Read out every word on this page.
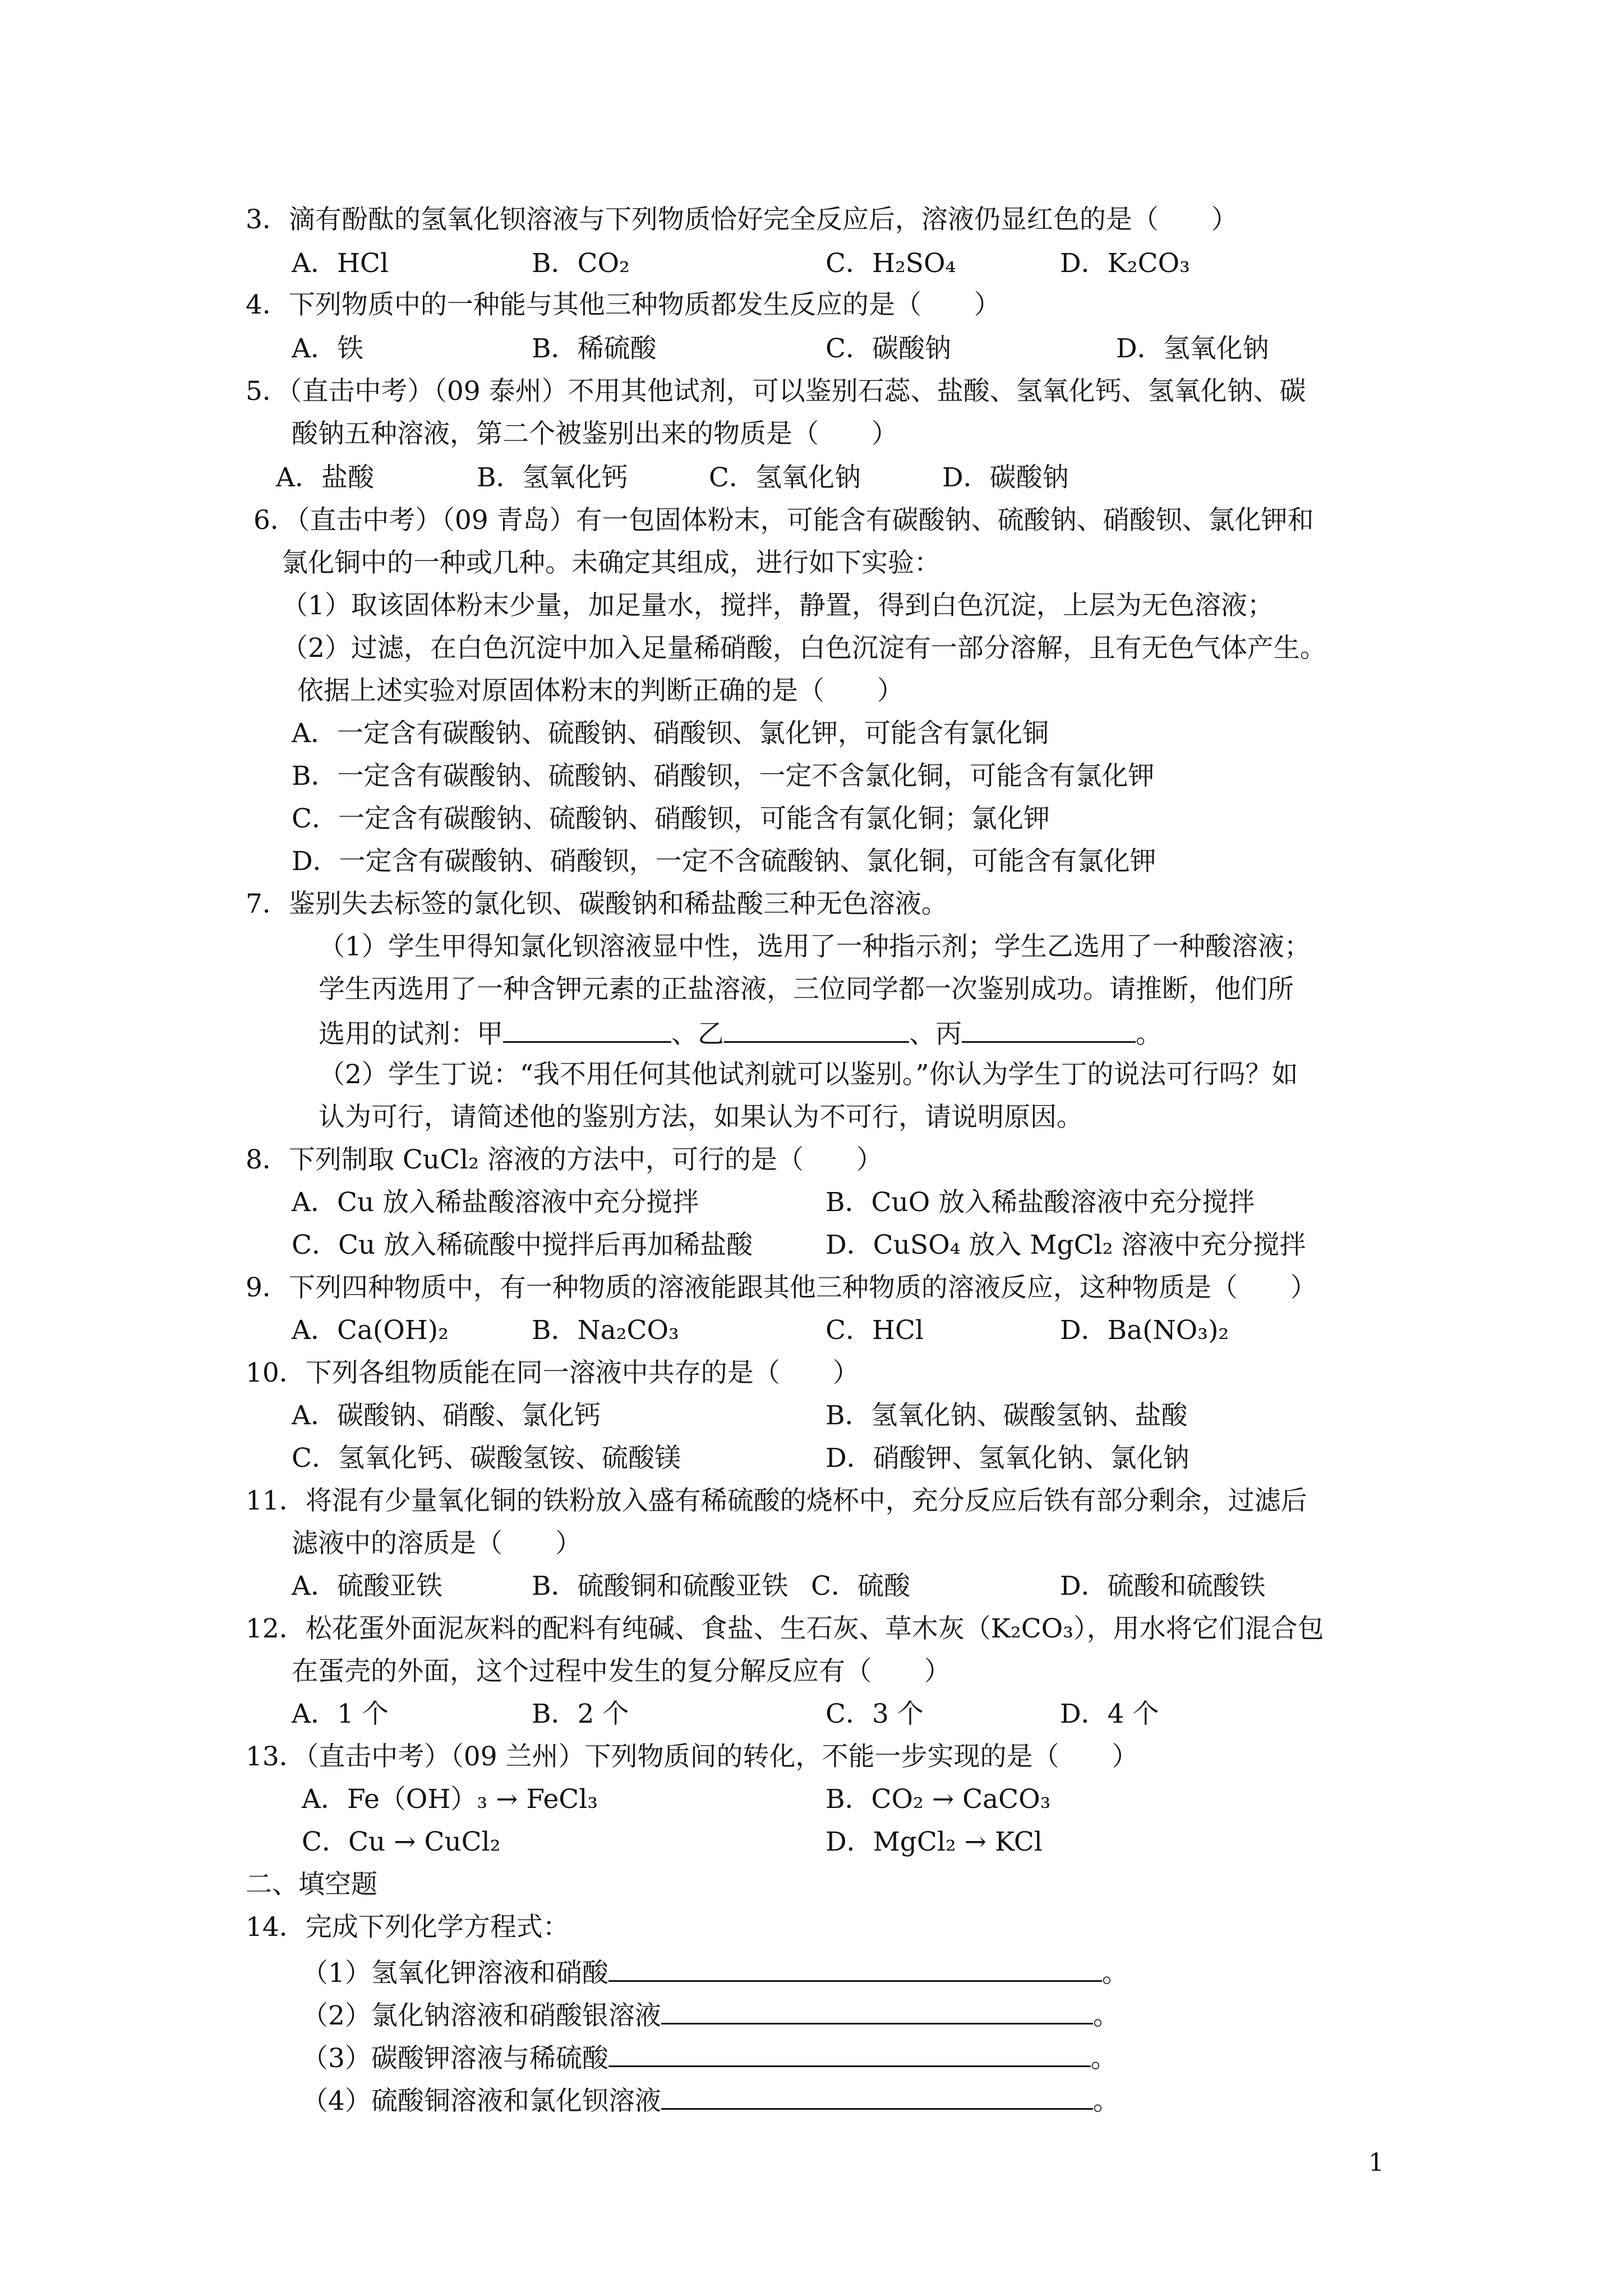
3．滴有酚酞的氢氧化钡溶液与下列物质恰好完全反应后，溶液仍显红色的是（　　）
A．HCl	B．CO₂	C．H₂SO₄	D．K₂CO₃
4．下列物质中的一种能与其他三种物质都发生反应的是（　　）
A．铁	B．稀硫酸	C．碳酸钠	D．氢氧化钠
5．（直击中考）（09 泰州）不用其他试剂，可以鉴别石蕊、盐酸、氢氧化钙、氢氧化钠、碳
酸钠五种溶液，第二个被鉴别出来的物质是（　　）
A．盐酸	B．氢氧化钙	C．氢氧化钠	D．碳酸钠
6．（直击中考）（09 青岛）有一包固体粉末，可能含有碳酸钠、硫酸钠、硝酸钡、氯化钾和
氯化铜中的一种或几种。未确定其组成，进行如下实验：
（1）取该固体粉末少量，加足量水，搅拌，静置，得到白色沉淀，上层为无色溶液；
（2）过滤，在白色沉淀中加入足量稀硝酸，白色沉淀有一部分溶解，且有无色气体产生。
依据上述实验对原固体粉末的判断正确的是（　　）
A．一定含有碳酸钠、硫酸钠、硝酸钡、氯化钾，可能含有氯化铜
B．一定含有碳酸钠、硫酸钠、硝酸钡，一定不含氯化铜，可能含有氯化钾
C．一定含有碳酸钠、硫酸钠、硝酸钡，可能含有氯化铜；氯化钾
D．一定含有碳酸钠、硝酸钡，一定不含硫酸钠、氯化铜，可能含有氯化钾
7．鉴别失去标签的氯化钡、碳酸钠和稀盐酸三种无色溶液。
（1）学生甲得知氯化钡溶液显中性，选用了一种指示剂；学生乙选用了一种酸溶液；
学生丙选用了一种含钾元素的正盐溶液，三位同学都一次鉴别成功。请推断，他们所
选用的试剂：甲	、乙	、丙	。
（2）学生丁说：“我不用任何其他试剂就可以鉴别。”你认为学生丁的说法可行吗？如
认为可行，请简述他的鉴别方法，如果认为不可行，请说明原因。
8．下列制取 CuCl₂ 溶液的方法中，可行的是（　　）
A．Cu 放入稀盐酸溶液中充分搅拌	B．CuO 放入稀盐酸溶液中充分搅拌
C．Cu 放入稀硫酸中搅拌后再加稀盐酸	D．CuSO₄ 放入 MgCl₂ 溶液中充分搅拌
9．下列四种物质中，有一种物质的溶液能跟其他三种物质的溶液反应，这种物质是（　　）
A．Ca(OH)₂	B．Na₂CO₃	C．HCl	D．Ba(NO₃)₂
10．下列各组物质能在同一溶液中共存的是（　　）
A．碳酸钠、硝酸、氯化钙	B．氢氧化钠、碳酸氢钠、盐酸
C．氢氧化钙、碳酸氢铵、硫酸镁	D．硝酸钾、氢氧化钠、氯化钠
11．将混有少量氧化铜的铁粉放入盛有稀硫酸的烧杯中，充分反应后铁有部分剩余，过滤后
滤液中的溶质是（　　）
A．硫酸亚铁	B．硫酸铜和硫酸亚铁 C．硫酸	D．硫酸和硫酸铁
12．松花蛋外面泥灰料的配料有纯碱、食盐、生石灰、草木灰（K₂CO₃），用水将它们混合包
在蛋壳的外面，这个过程中发生的复分解反应有（　　）
A．1 个	B．2 个	C．3 个	D．4 个
13．（直击中考）（09 兰州）下列物质间的转化，不能一步实现的是（　　）
A．Fe（OH）₃ → FeCl₃	B．CO₂ → CaCO₃
C．Cu → CuCl₂	D．MgCl₂ → KCl
二、填空题
14．完成下列化学方程式：
（1）氢氧化钾溶液和硝酸	。
（2）氯化钠溶液和硝酸银溶液	。
（3）碳酸钾溶液与稀硫酸	。
（4）硫酸铜溶液和氯化钡溶液	。
1
